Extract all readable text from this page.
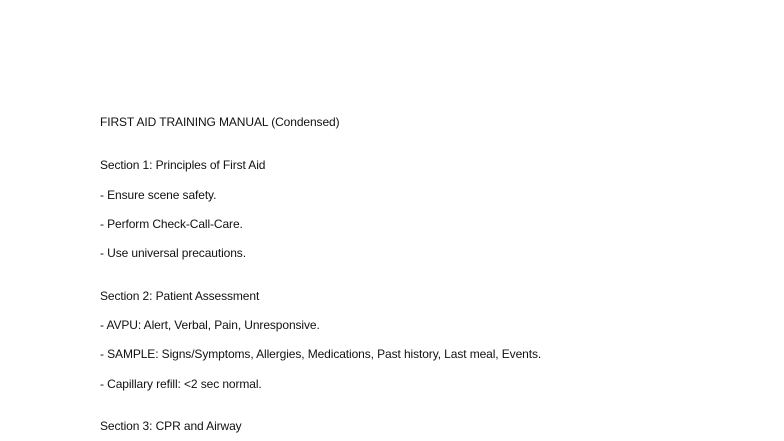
FIRST AID TRAINING MANUAL (Condensed)
Section 1: Principles of First Aid
- Ensure scene safety.
- Perform Check-Call-Care.
- Use universal precautions.
Section 2: Patient Assessment
- AVPU: Alert, Verbal, Pain, Unresponsive.
- SAMPLE: Signs/Symptoms, Allergies, Medications, Past history, Last meal, Events.
- Capillary refill: <2 sec normal.
Section 3: CPR and Airway
